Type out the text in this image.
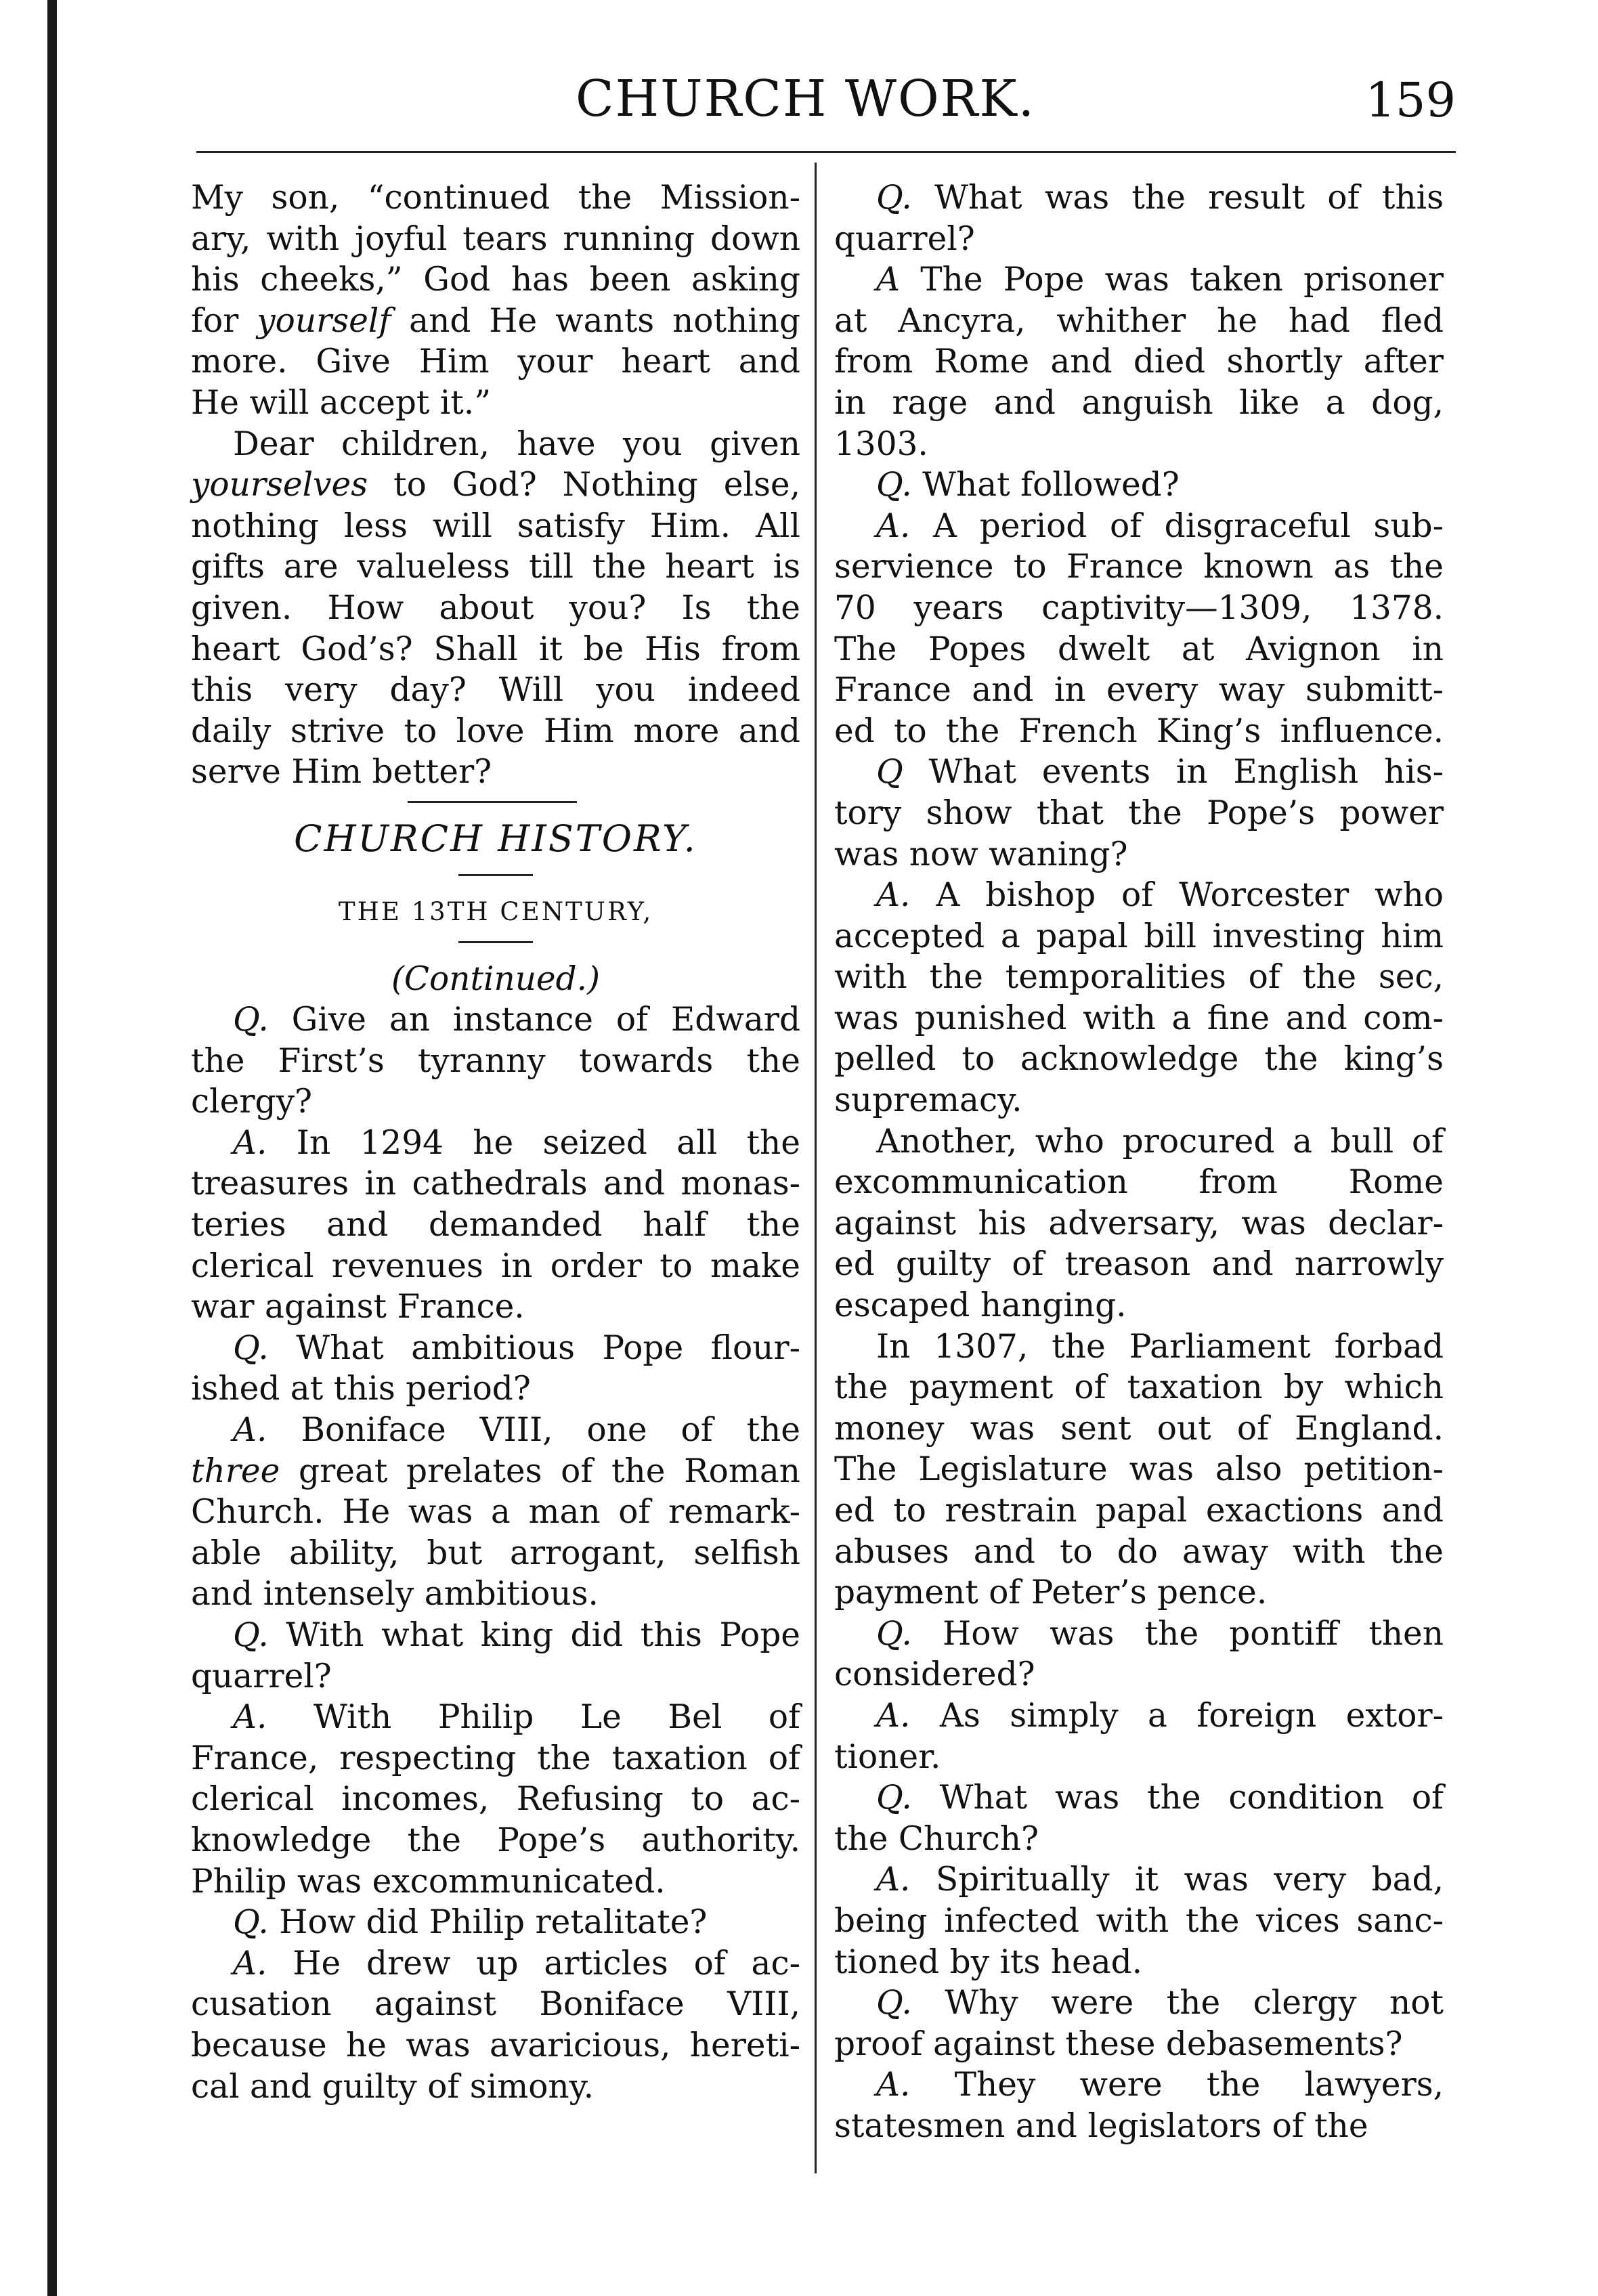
CHURCH WORK.	159
My son, “continued the Mission-
ary, with joyful tears running down
his cheeks,” God has been asking
for yourself and He wants nothing
more. Give Him your heart and
He will accept it.”
Dear children, have you given
yourselves to God? Nothing else,
nothing less will satisfy Him. All
gifts are valueless till the heart is
given. How about you? Is the
heart God’s? Shall it be His from
this very day? Will you indeed
daily strive to love Him more and
serve Him better?
CHURCH HISTORY.
THE 13TH CENTURY,
(Continued.)
Q. Give an instance of Edward
the First’s tyranny towards the
clergy?
A. In 1294 he seized all the
treasures in cathedrals and monas-
teries and demanded half the
clerical revenues in order to make
war against France.
Q. What ambitious Pope flour-
ished at this period?
A. Boniface VIII, one of the
three great prelates of the Roman
Church. He was a man of remark-
able ability, but arrogant, selfish
and intensely ambitious.
Q. With what king did this Pope
quarrel?
A. With Philip Le Bel of
France, respecting the taxation of
clerical incomes, Refusing to ac-
knowledge the Pope’s authority.
Philip was excommunicated.
Q. How did Philip retalitate?
A. He drew up articles of ac-
cusation against Boniface VIII,
because he was avaricious, hereti-
cal and guilty of simony.
Q. What was the result of this
quarrel?
A The Pope was taken prisoner
at Ancyra, whither he had fled
from Rome and died shortly after
in rage and anguish like a dog,
1303.
Q. What followed?
A. A period of disgraceful sub-
servience to France known as the
70 years captivity—1309, 1378.
The Popes dwelt at Avignon in
France and in every way submitt-
ed to the French King’s influence.
Q What events in English his-
tory show that the Pope’s power
was now waning?
A. A bishop of Worcester who
accepted a papal bill investing him
with the temporalities of the sec,
was punished with a fine and com-
pelled to acknowledge the king’s
supremacy.
Another, who procured a bull of
excommunication from Rome
against his adversary, was declar-
ed guilty of treason and narrowly
escaped hanging.
In 1307, the Parliament forbad
the payment of taxation by which
money was sent out of England.
The Legislature was also petition-
ed to restrain papal exactions and
abuses and to do away with the
payment of Peter’s pence.
Q. How was the pontiff then
considered?
A. As simply a foreign extor-
tioner.
Q. What was the condition of
the Church?
A. Spiritually it was very bad,
being infected with the vices sanc-
tioned by its head.
Q. Why were the clergy not
proof against these debasements?
A. They were the lawyers,
statesmen and legislators of the
